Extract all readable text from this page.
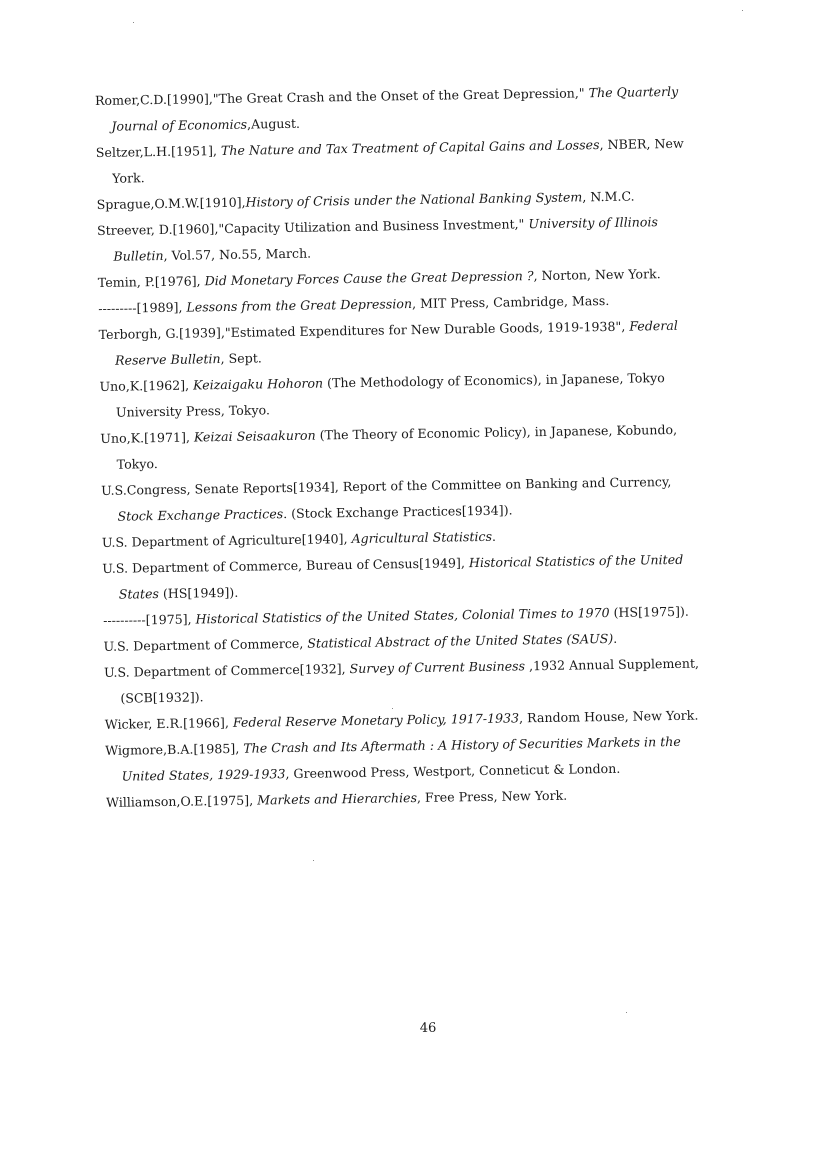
Romer,C.D.[1990],"The Great Crash and the Onset of the Great Depression," The Quarterly Journal of Economics,August.

Seltzer,L.H.[1951], The Nature and Tax Treatment of Capital Gains and Losses, NBER, New York.

Sprague,O.M.W.[1910],History of Crisis under the National Banking System, N.M.C.

Streever, D.[1960],"Capacity Utilization and Business Investment," University of Illinois Bulletin, Vol.57, No.55, March.

Temin, P.[1976], Did Monetary Forces Cause the Great Depression ?, Norton, New York.

---------[1989], Lessons from the Great Depression, MIT Press, Cambridge, Mass.

Terborgh, G.[1939],"Estimated Expenditures for New Durable Goods, 1919-1938", Federal Reserve Bulletin, Sept.

Uno,K.[1962], Keizaigaku Hohoron (The Methodology of Economics), in Japanese, Tokyo University Press, Tokyo.

Uno,K.[1971], Keizai Seisaakuron (The Theory of Economic Policy), in Japanese, Kobundo, Tokyo.

U.S.Congress, Senate Reports[1934], Report of the Committee on Banking and Currency, Stock Exchange Practices. (Stock Exchange Practices[1934]).

U.S. Department of Agriculture[1940], Agricultural Statistics.

U.S. Department of Commerce, Bureau of Census[1949], Historical Statistics of the United States (HS[1949]).

----------[1975], Historical Statistics of the United States, Colonial Times to 1970 (HS[1975]).

U.S. Department of Commerce, Statistical Abstract of the United States (SAUS).

U.S. Department of Commerce[1932], Survey of Current Business ,1932 Annual Supplement, (SCB[1932]).

Wicker, E.R.[1966], Federal Reserve Monetary Policy, 1917-1933, Random House, New York.

Wigmore,B.A.[1985], The Crash and Its Aftermath : A History of Securities Markets in the United States, 1929-1933, Greenwood Press, Westport, Conneticut & London.

Williamson,O.E.[1975], Markets and Hierarchies, Free Press, New York.

46
